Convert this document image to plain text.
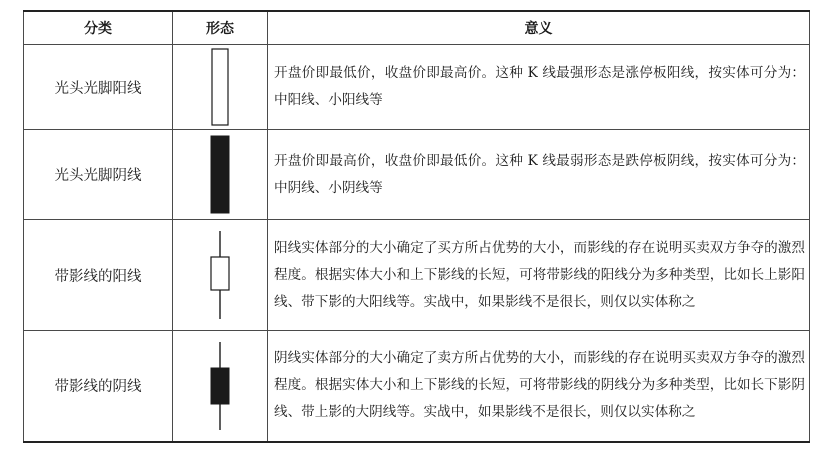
分类	形态	意义
光头光脚阳线		开盘价即最低价，收盘价即最高价。这种 K 线最强形态是涨停板阳线，按实体可分为：中阳线、小阳线等
光头光脚阴线		开盘价即最高价，收盘价即最低价。这种 K 线最弱形态是跌停板阴线，按实体可分为：中阴线、小阴线等
带影线的阳线		阳线实体部分的大小确定了买方所占优势的大小，而影线的存在说明买卖双方争夺的激烈程度。根据实体大小和上下影线的长短，可将带影线的阳线分为多种类型，比如长上影阳线、带下影的大阳线等。实战中，如果影线不是很长，则仅以实体称之
带影线的阴线		阴线实体部分的大小确定了卖方所占优势的大小，而影线的存在说明买卖双方争夺的激烈程度。根据实体大小和上下影线的长短，可将带影线的阴线分为多种类型，比如长下影阴线、带上影的大阴线等。实战中，如果影线不是很长，则仅以实体称之
